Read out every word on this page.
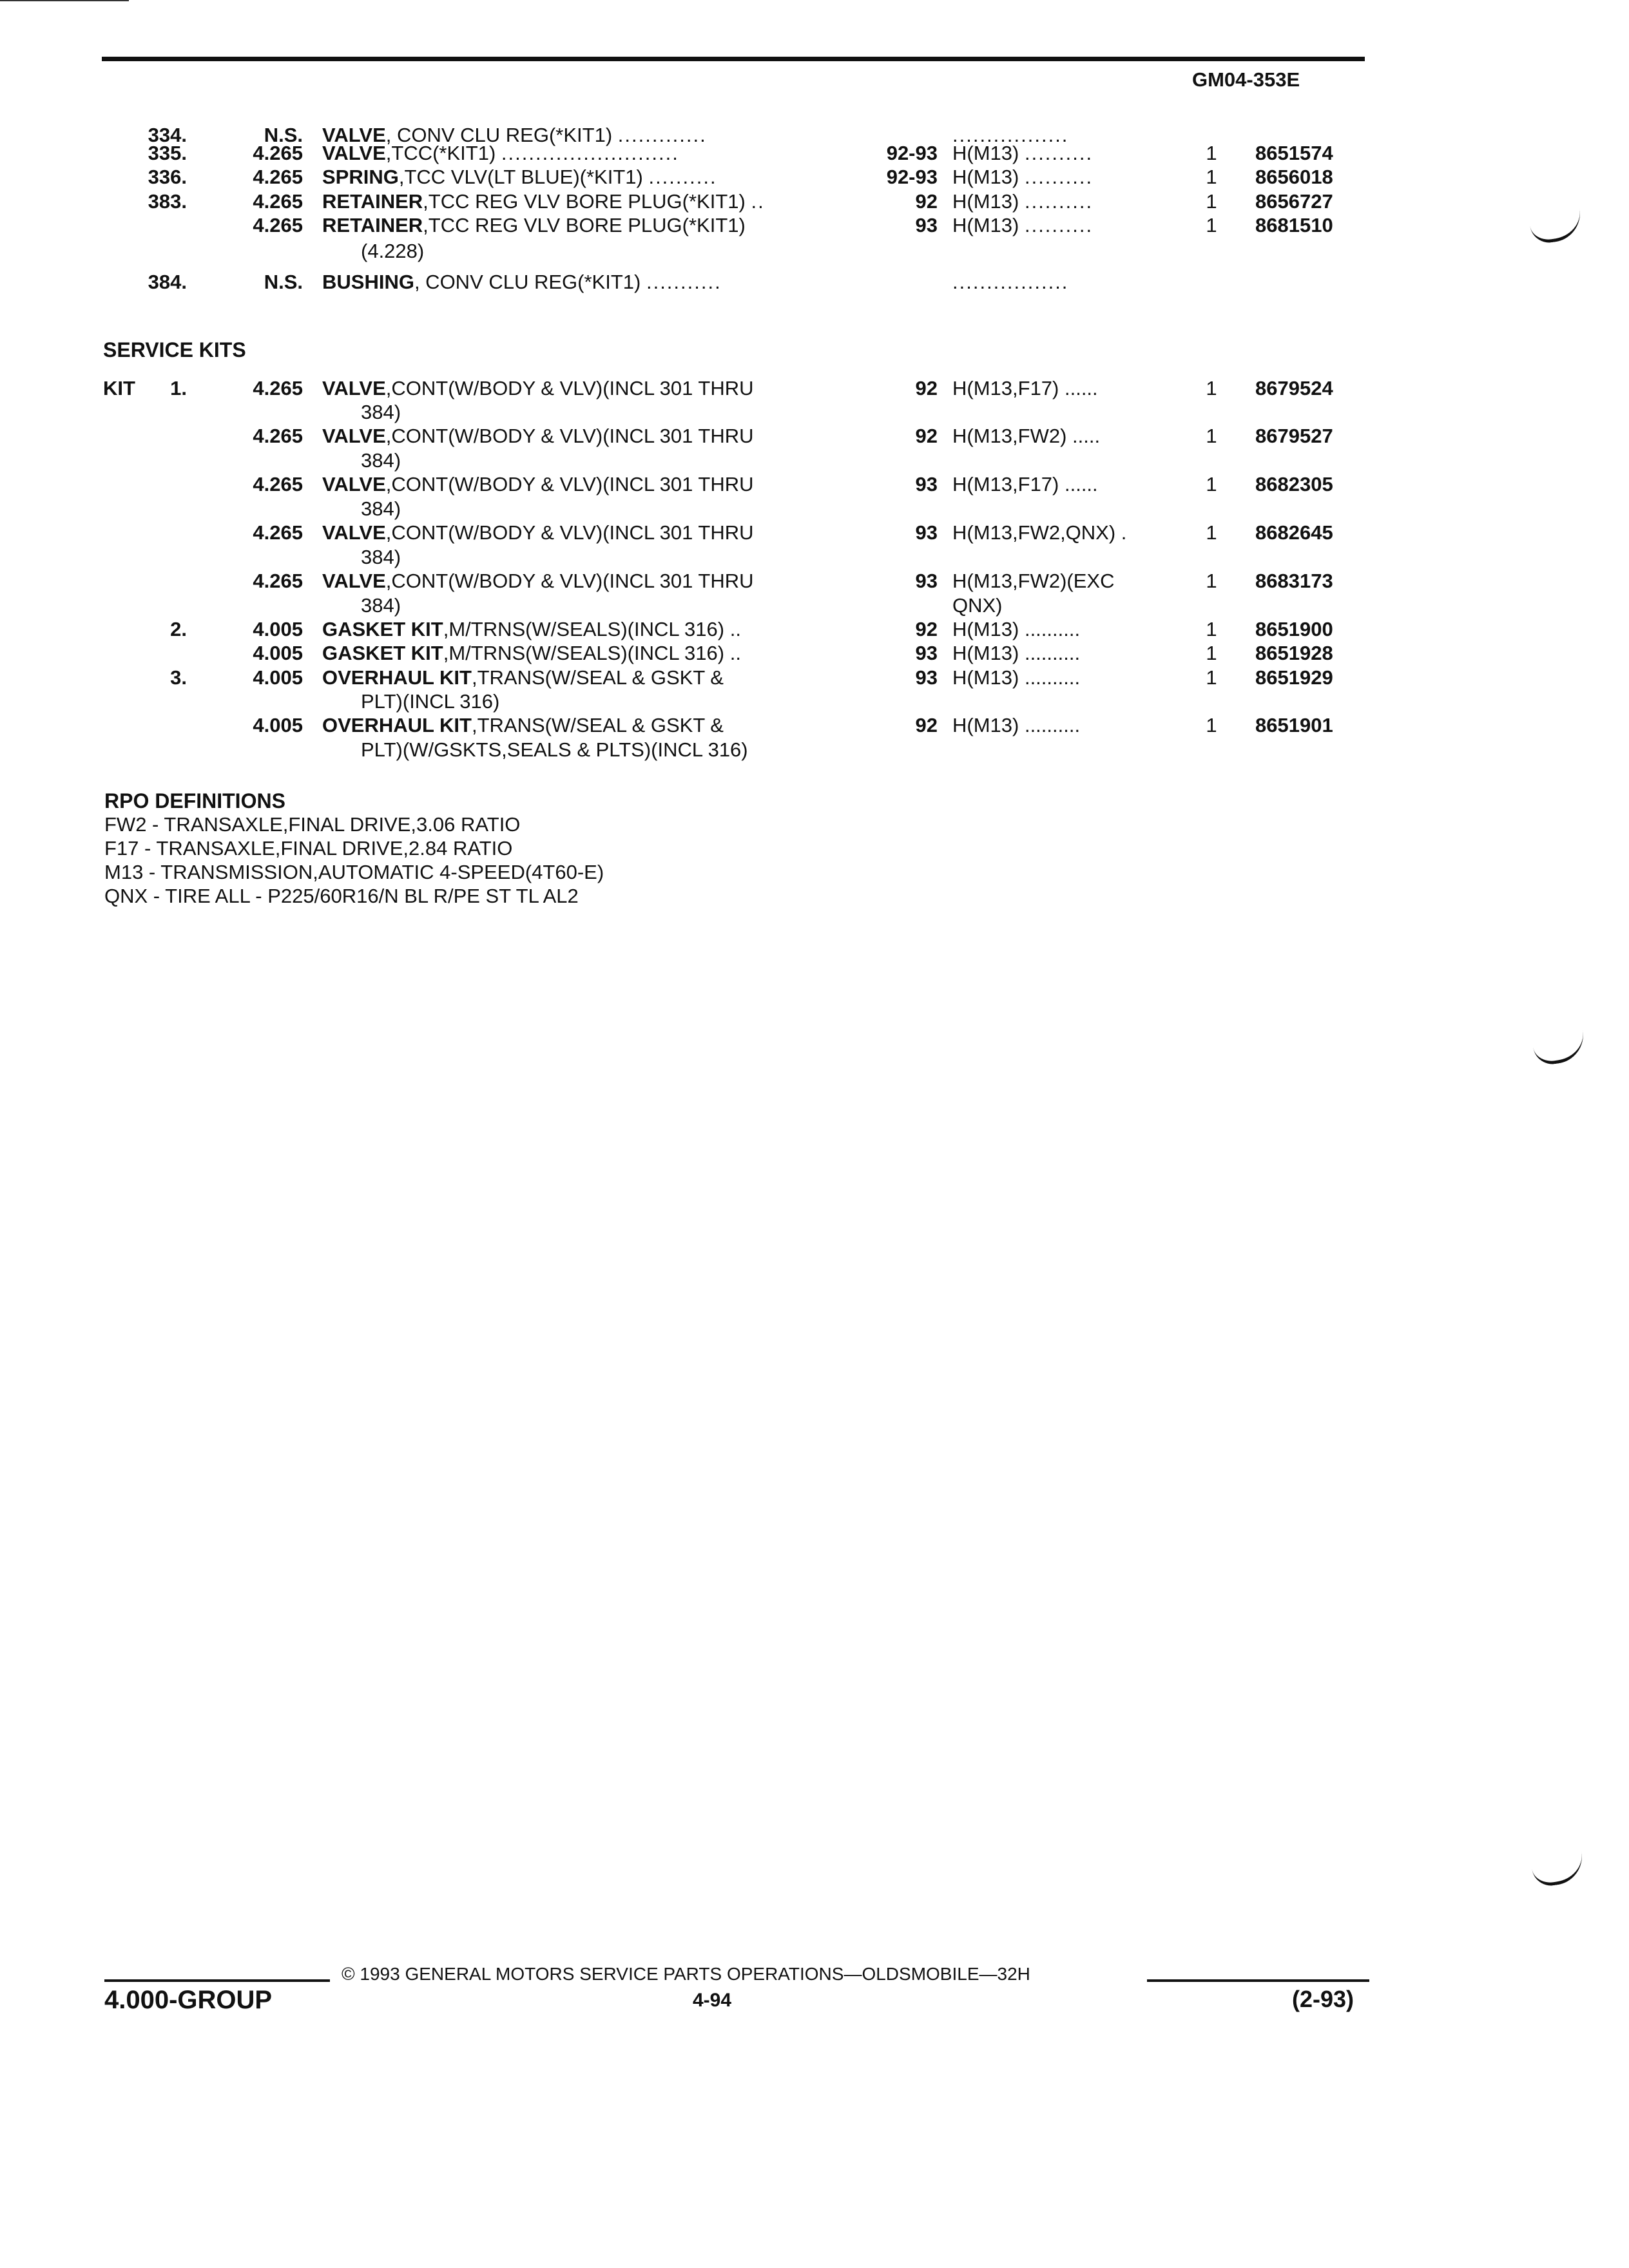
GM04-353E
334.	N.S. VALVE, CONV CLU REG(*KIT1) .............	.................
335.	4.265 VALVE,TCC(*KIT1) ..........................	92-93 H(M13) ..........	1	8651574
336.	4.265 SPRING,TCC VLV(LT BLUE)(*KIT1) ..........	92-93 H(M13) ..........	1	8656018
383.	4.265 RETAINER,TCC REG VLV BORE PLUG(*KIT1) ..	92 H(M13) ..........	1	8656727
4.265 RETAINER,TCC REG VLV BORE PLUG(*KIT1)	93 H(M13) ..........	1	8681510
(4.228)
384.	N.S. BUSHING, CONV CLU REG(*KIT1) ...........	.................
SERVICE KITS
KIT	1.	4.265 VALVE,CONT(W/BODY & VLV)(INCL 301 THRU	92 H(M13,F17) ......	1	8679524
384)
4.265 VALVE,CONT(W/BODY & VLV)(INCL 301 THRU	92 H(M13,FW2) .....	1	8679527
384)
4.265 VALVE,CONT(W/BODY & VLV)(INCL 301 THRU	93 H(M13,F17) ......	1	8682305
384)
4.265 VALVE,CONT(W/BODY & VLV)(INCL 301 THRU	93 H(M13,FW2,QNX) .	1	8682645
384)
4.265 VALVE,CONT(W/BODY & VLV)(INCL 301 THRU	93 H(M13,FW2)(EXC	1	8683173
384)	QNX)
2.	4.005 GASKET KIT,M/TRNS(W/SEALS)(INCL 316) ..	92 H(M13) ..........	1	8651900
4.005 GASKET KIT,M/TRNS(W/SEALS)(INCL 316) ..	93 H(M13) ..........	1	8651928
3.	4.005 OVERHAUL KIT,TRANS(W/SEAL & GSKT &	93 H(M13) ..........	1	8651929
PLT)(INCL 316)
4.005 OVERHAUL KIT,TRANS(W/SEAL & GSKT &	92 H(M13) ..........	1	8651901
PLT)(W/GSKTS,SEALS & PLTS)(INCL 316)
RPO DEFINITIONS
FW2 - TRANSAXLE,FINAL DRIVE,3.06 RATIO
F17 - TRANSAXLE,FINAL DRIVE,2.84 RATIO
M13 - TRANSMISSION,AUTOMATIC 4-SPEED(4T60-E)
QNX - TIRE ALL - P225/60R16/N BL R/PE ST TL AL2
© 1993 GENERAL MOTORS SERVICE PARTS OPERATIONS—OLDSMOBILE—32H
4.000-GROUP	4-94	(2-93)
